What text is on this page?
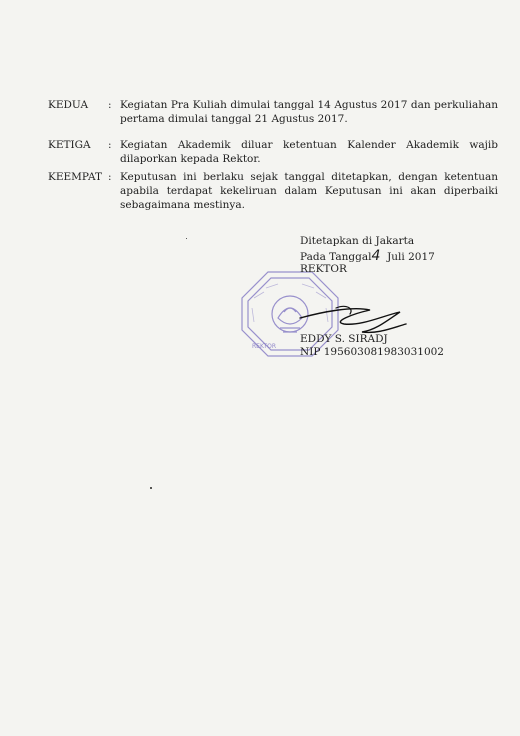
KEDUA	: Kegiatan Pra Kuliah dimulai tanggal 14 Agustus 2017 dan perkuliahan pertama dimulai tanggal 21 Agustus 2017.
KETIGA	: Kegiatan Akademik diluar ketentuan Kalender Akademik wajib dilaporkan kepada Rektor.
KEEMPAT : Keputusan ini berlaku sejak tanggal ditetapkan, dengan ketentuan apabila terdapat kekeliruan dalam Keputusan ini akan diperbaiki sebagaimana mestinya.
REKTOR
Ditetapkan di Jakarta
Pada Tanggal4 Juli 2017
REKTOR
EDDY S. SIRADJ
NIP 195603081983031002
